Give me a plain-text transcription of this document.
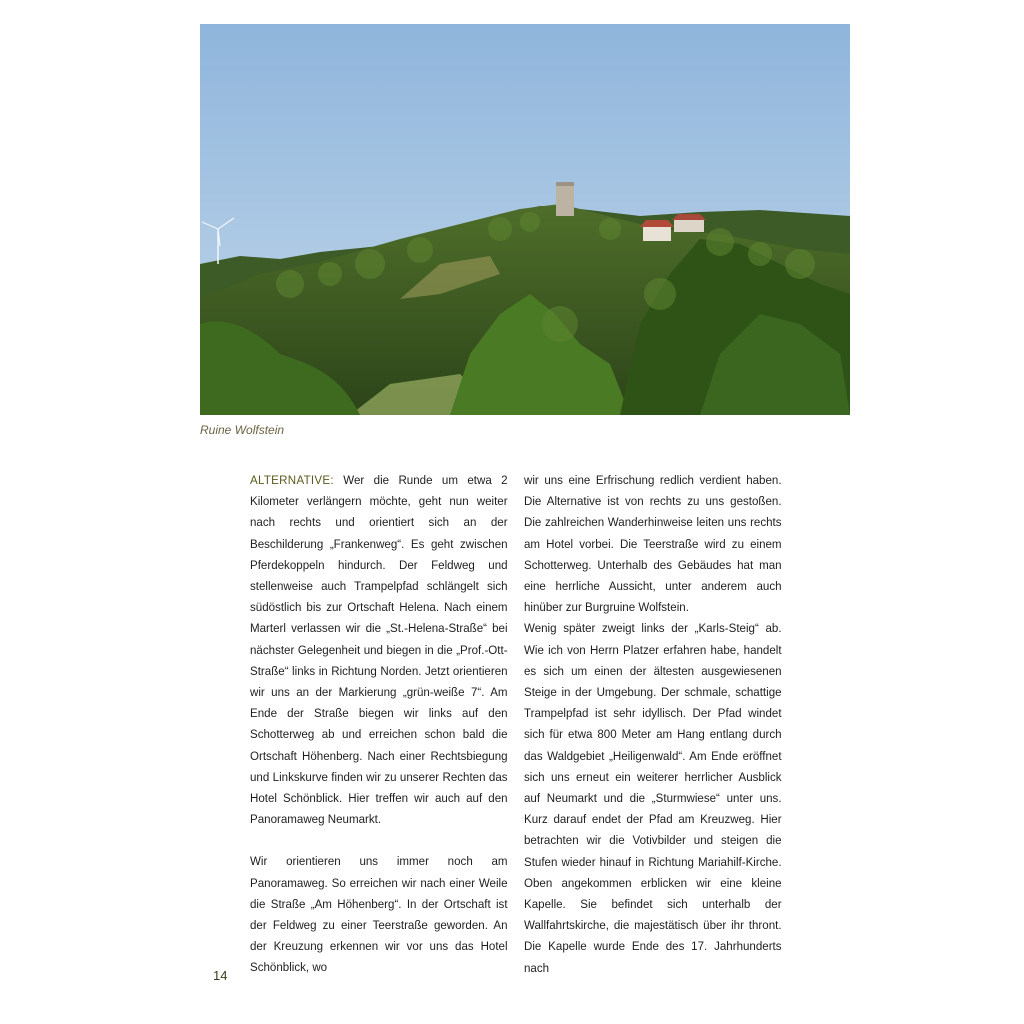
Ruine Wolfstein

ALTERNATIVE: Wer die Runde um etwa 2 Kilometer verlängern möchte, geht nun weiter nach rechts und orientiert sich an der Beschilderung „Frankenweg“. Es geht zwischen Pferdekoppeln hindurch. Der Feldweg und stellenweise auch Trampelpfad schlängelt sich südöstlich bis zur Ortschaft Helena. Nach einem Marterl verlassen wir die „St.-Helena-Straße“ bei nächster Gelegenheit und biegen in die „Prof.-Ott-Straße“ links in Richtung Norden. Jetzt orientieren wir uns an der Markierung „grün-weiße 7“. Am Ende der Straße biegen wir links auf den Schotterweg ab und erreichen schon bald die Ortschaft Höhenberg. Nach einer Rechtsbiegung und Linkskurve finden wir zu unserer Rechten das Hotel Schönblick. Hier treffen wir auch auf den Panoramaweg Neumarkt.

Wir orientieren uns immer noch am Panoramaweg. So erreichen wir nach einer Weile die Straße „Am Höhenberg“. In der Ortschaft ist der Feldweg zu einer Teerstraße geworden. An der Kreuzung erkennen wir vor uns das Hotel Schönblick, wo

wir uns eine Erfrischung redlich verdient haben. Die Alternative ist von rechts zu uns gestoßen. Die zahlreichen Wanderhinweise leiten uns rechts am Hotel vorbei. Die Teerstraße wird zu einem Schotterweg. Unterhalb des Gebäudes hat man eine herrliche Aussicht, unter anderem auch hinüber zur Burgruine Wolfstein.

Wenig später zweigt links der „Karls-Steig“ ab. Wie ich von Herrn Platzer erfahren habe, handelt es sich um einen der ältesten ausgewiesenen Steige in der Umgebung. Der schmale, schattige Trampelpfad ist sehr idyllisch. Der Pfad windet sich für etwa 800 Meter am Hang entlang durch das Waldgebiet „Heiligenwald“. Am Ende eröffnet sich uns erneut ein weiterer herrlicher Ausblick auf Neumarkt und die „Sturmwiese“ unter uns. Kurz darauf endet der Pfad am Kreuzweg. Hier betrachten wir die Votivbilder und steigen die Stufen wieder hinauf in Richtung Mariahilf-Kirche. Oben angekommen erblicken wir eine kleine Kapelle. Sie befindet sich unterhalb der Wallfahrtskirche, die majestätisch über ihr thront. Die Kapelle wurde Ende des 17. Jahrhunderts nach

14
